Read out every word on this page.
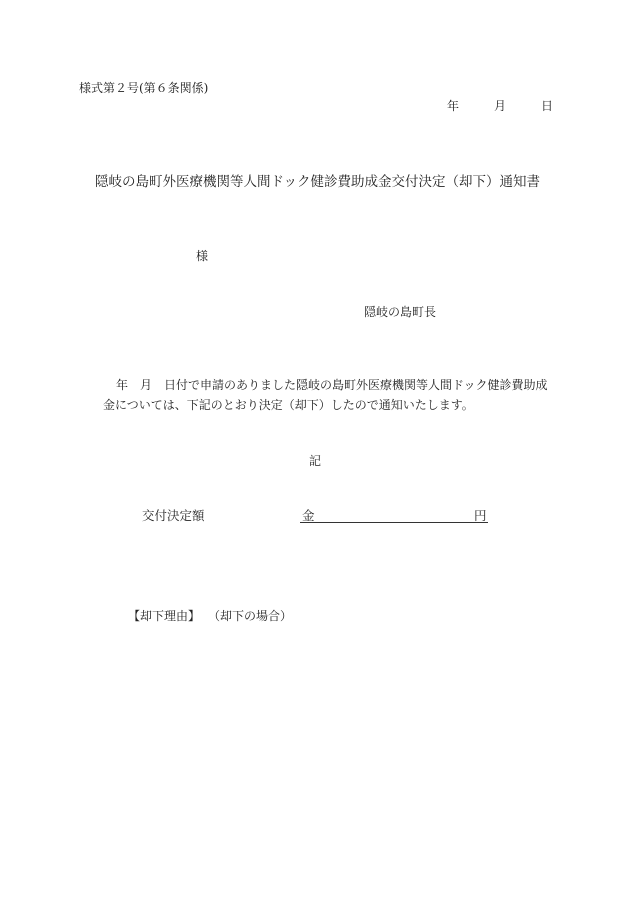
様式第２号(第６条関係)
年	月	日
隠岐の島町外医療機関等人間ドック健診費助成金交付決定（却下）通知書
様
隠岐の島町長
年　月　日付で申請のありました隠岐の島町外医療機関等人間ドック健診費助成
金については、下記のとおり決定（却下）したので通知いたします。
記
交付決定額	金	円
【却下理由】 （却下の場合）
